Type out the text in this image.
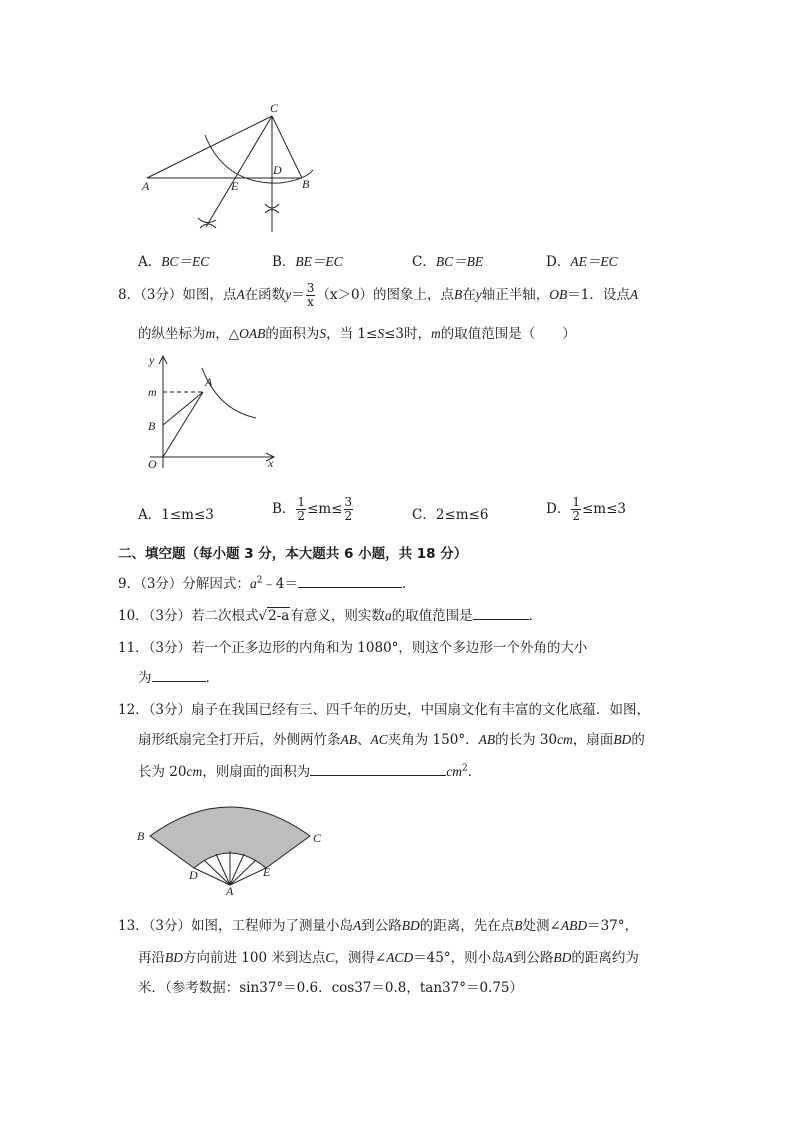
C
D
A	E	B
A．BC＝EC	B．BE＝EC	C．BC＝BE	D．AE＝EC
8．（3分）如图，点A在函数$y= \frac{3}{x} (x>0)$的图象上，点B在y轴正半轴，OB＝1．设点A
的纵坐标为m，△OAB的面积为S，当 1≤S≤3时，m的取值范围是（　　）
y
m
A
B
O	x
A．1≤m≤3	B． $\frac{1}{2} \le m\le \frac{3}{2}$	C．2≤m≤6	D． $\frac{1}{2} \le m\le 3$
二、填空题（每小题 3 分，本大题共 6 小题，共 18 分）
9．（3分）分解因式：$a^2﹣4=$	．
10．（3分）若二次根式√2-a有意义，则实数a的取值范围是	．
11．（3分）若一个正多边形的内角和为 1080°，则这个多边形一个外角的大小
为	．
12．（3分）扇子在我国已经有三、四千年的历史，中国扇文化有丰富的文化底蕴．如图，
扇形纸扇完全打开后，外侧两竹条AB、AC夹角为 150°．AB的长为 30cm，扇面BD的
长为 20cm，则扇面的面积为	$cm^2$．
B	C
D	E
A
13．（3分）如图，工程师为了测量小岛A到公路BD的距离，先在点B处测∠ABD＝37°，
再沿BD方向前进 100 米到达点C，测得∠ACD＝45°，则小岛A到公路BD的距离约为
米．（参考数据：sin37°＝0.6．cos37＝0.8，tan37°＝0.75）
